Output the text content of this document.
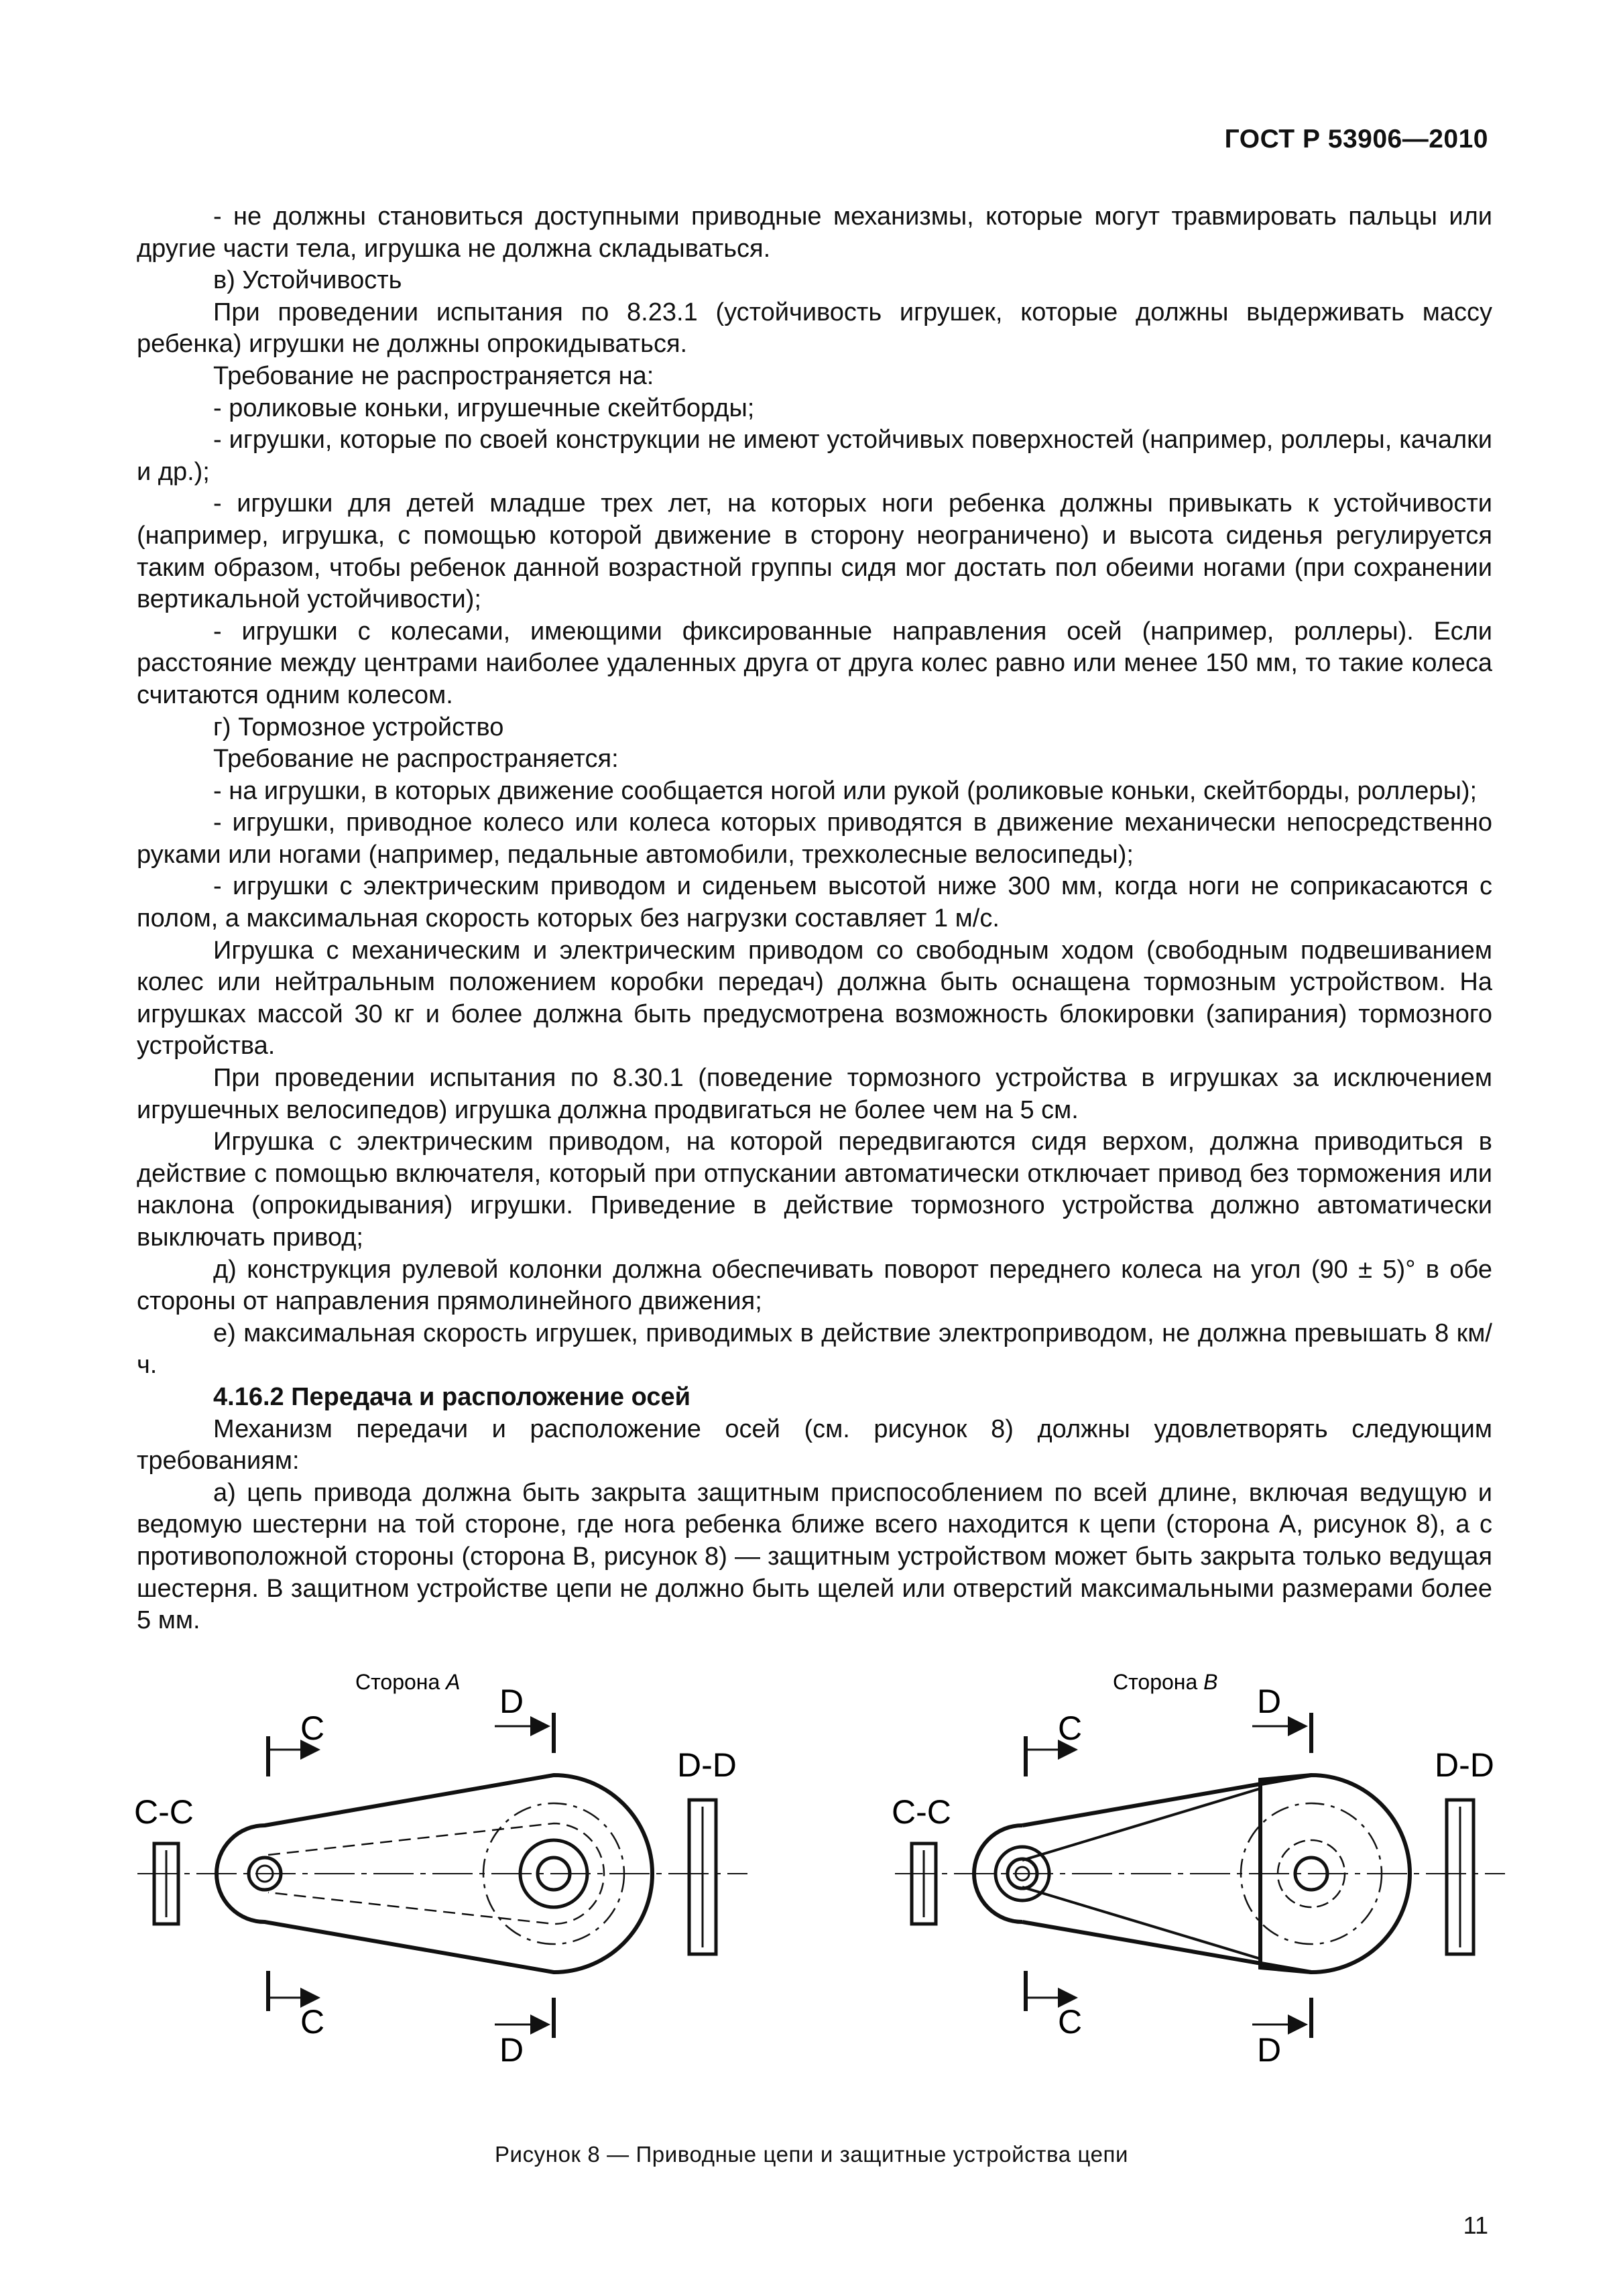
ГОСТ Р 53906—2010

- не должны становиться доступными приводные механизмы, которые могут травмировать пальцы или другие части тела, игрушка не должна складываться.

в) Устойчивость

При проведении испытания по 8.23.1 (устойчивость игрушек, которые должны выдерживать массу ребенка) игрушки не должны опрокидываться.

Требование не распространяется на:

- роликовые коньки, игрушечные скейтборды;

- игрушки, которые по своей конструкции не имеют устойчивых поверхностей (например, роллеры, качалки и др.);

- игрушки для детей младше трех лет, на которых ноги ребенка должны привыкать к устойчивости (например, игрушка, с помощью которой движение в сторону неограничено) и высота сиденья регулируется таким образом, чтобы ребенок данной возрастной группы сидя мог достать пол обеими ногами (при сохранении вертикальной устойчивости);

- игрушки с колесами, имеющими фиксированные направления осей (например, роллеры). Если расстояние между центрами наиболее удаленных друга от друга колес равно или менее 150 мм, то такие колеса считаются одним колесом.

г) Тормозное устройство

Требование не распространяется:

- на игрушки, в которых движение сообщается ногой или рукой (роликовые коньки, скейтборды, роллеры);

- игрушки, приводное колесо или колеса которых приводятся в движение механически непосредственно руками или ногами (например, педальные автомобили, трехколесные велосипеды);

- игрушки с электрическим приводом и сиденьем высотой ниже 300 мм, когда ноги не соприкасаются с полом, а максимальная скорость которых без нагрузки составляет 1 м/с.

Игрушка с механическим и электрическим приводом со свободным ходом (свободным подвешиванием колес или нейтральным положением коробки передач) должна быть оснащена тормозным устройством. На игрушках массой 30 кг и более должна быть предусмотрена возможность блокировки (запирания) тормозного устройства.

При проведении испытания по 8.30.1 (поведение тормозного устройства в игрушках за исключением игрушечных велосипедов) игрушка должна продвигаться не более чем на 5 см.

Игрушка с электрическим приводом, на которой передвигаются сидя верхом, должна приводиться в действие с помощью включателя, который при отпускании автоматически отключает привод без торможения или наклона (опрокидывания) игрушки. Приведение в действие тормозного устройства должно автоматически выключать привод;

д) конструкция рулевой колонки должна обеспечивать поворот переднего колеса на угол (90 ± 5)° в обе стороны от направления прямолинейного движения;

е) максимальная скорость игрушек, приводимых в действие электроприводом, не должна превышать 8 км/ч.

4.16.2 Передача и расположение осей

Механизм передачи и расположение осей (см. рисунок 8) должны удовлетворять следующим требованиям:

а) цепь привода должна быть закрыта защитным приспособлением по всей длине, включая ведущую и ведомую шестерни на той стороне, где нога ребенка ближе всего находится к цепи (сторона А, рисунок 8), а с противоположной стороны (сторона В, рисунок 8) — защитным устройством может быть закрыта только ведущая шестерня. В защитном устройстве цепи не должно быть щелей или отверстий максимальными размерами более 5 мм.

Сторона А
C-C
C
C
D
D
D-D
Сторона В
C-C
C
C
D
D
D-D
Рисунок 8 — Приводные цепи и защитные устройства цепи
11
